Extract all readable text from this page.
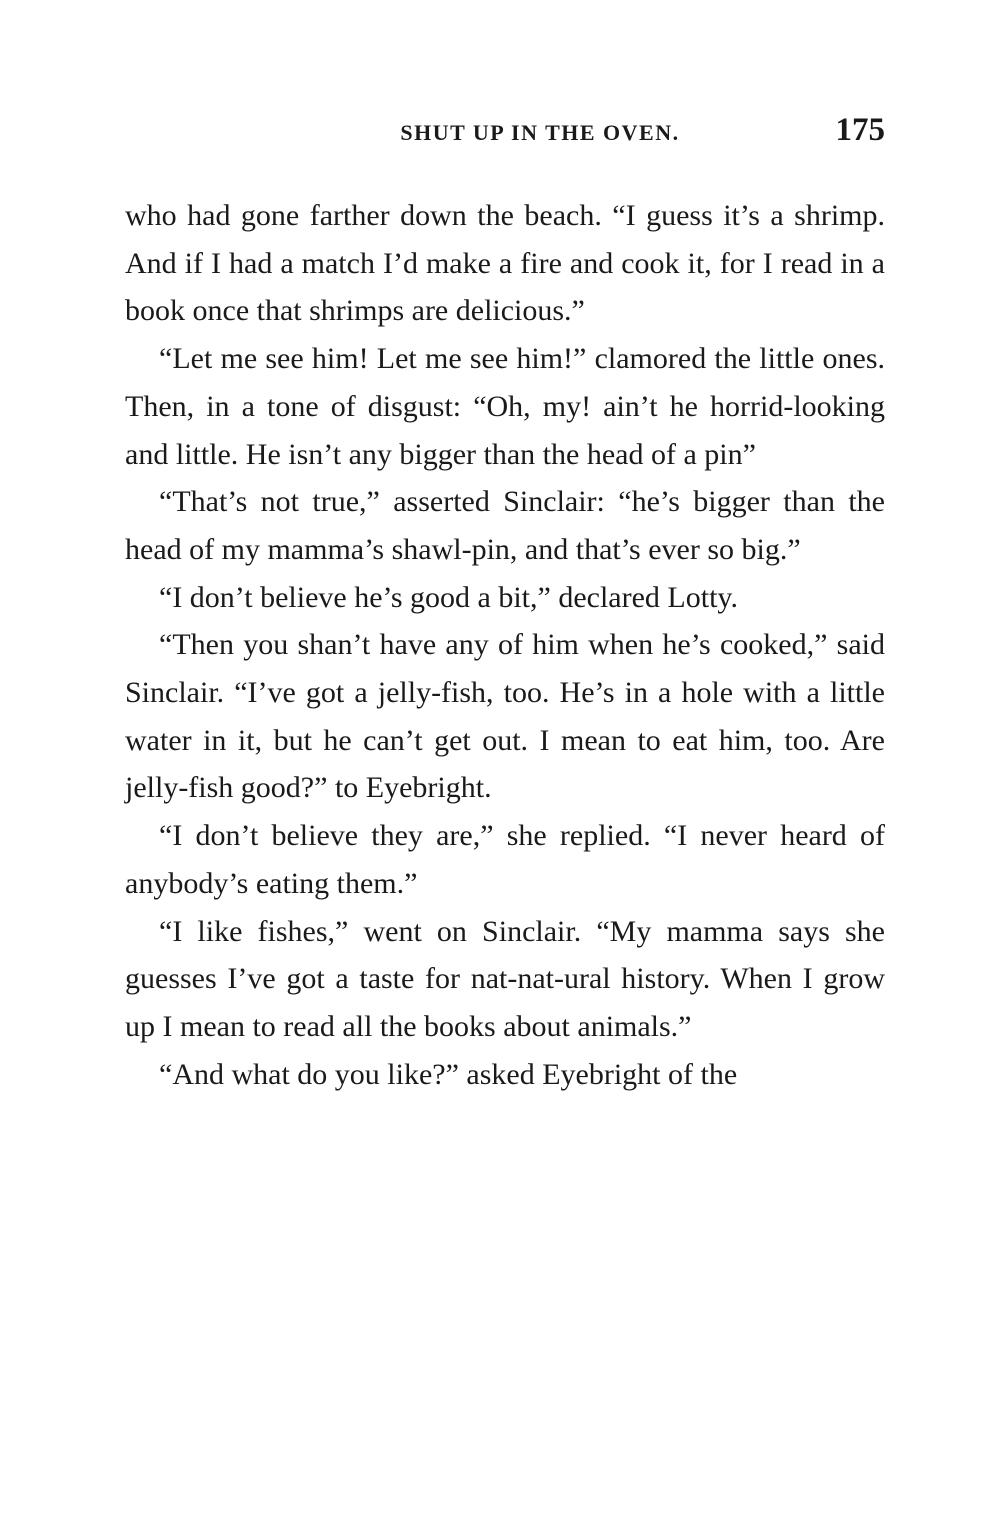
SHUT UP IN THE OVEN.	175

who had gone farther down the beach. “I guess it’s a shrimp. And if I had a match I’d make a fire and cook it, for I read in a book once that shrimps are delicious.”

“Let me see him! Let me see him!” clamored the little ones. Then, in a tone of disgust: “Oh, my! ain’t he horrid-looking and little. He isn’t any bigger than the head of a pin”

“That’s not true,” asserted Sinclair: “he’s bigger than the head of my mamma’s shawl-pin, and that’s ever so big.”

“I don’t believe he’s good a bit,” declared Lotty.

“Then you shan’t have any of him when he’s cooked,” said Sinclair. “I’ve got a jelly-fish, too. He’s in a hole with a little water in it, but he can’t get out. I mean to eat him, too. Are jelly-fish good?” to Eyebright.

“I don’t believe they are,” she replied. “I never heard of anybody’s eating them.”

“I like fishes,” went on Sinclair. “My mamma says she guesses I’ve got a taste for nat-nat-ural history. When I grow up I mean to read all the books about animals.”

“And what do you like?” asked Eyebright of the
